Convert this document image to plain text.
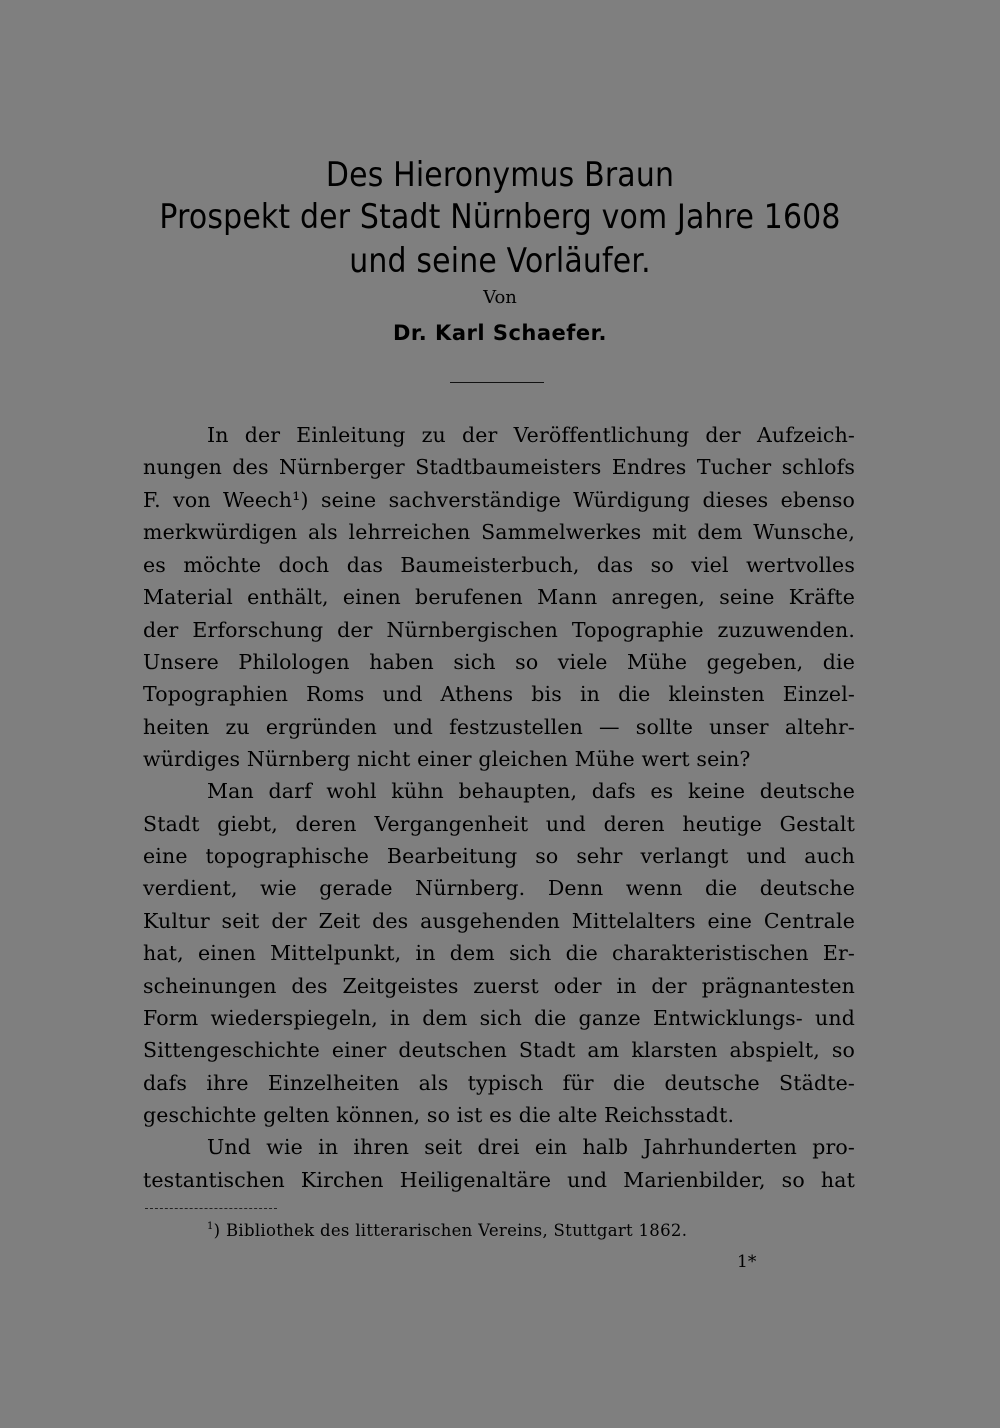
Des Hieronymus Braun
Prospekt der Stadt Nürnberg vom Jahre 1608
und seine Vorläufer.
Von
Dr. Karl Schaefer.
In der Einleitung zu der Veröffentlichung der Aufzeich-
nungen des Nürnberger Stadtbaumeisters Endres Tucher schlofs
F. von Weech¹) seine sachverständige Würdigung dieses ebenso
merkwürdigen als lehrreichen Sammelwerkes mit dem Wunsche,
es möchte doch das Baumeisterbuch, das so viel wertvolles
Material enthält, einen berufenen Mann anregen, seine Kräfte
der Erforschung der Nürnbergischen Topographie zuzuwenden.
Unsere Philologen haben sich so viele Mühe gegeben, die
Topographien Roms und Athens bis in die kleinsten Einzel-
heiten zu ergründen und festzustellen — sollte unser altehr-
würdiges Nürnberg nicht einer gleichen Mühe wert sein?
Man darf wohl kühn behaupten, dafs es keine deutsche
Stadt giebt, deren Vergangenheit und deren heutige Gestalt
eine topographische Bearbeitung so sehr verlangt und auch
verdient, wie gerade Nürnberg. Denn wenn die deutsche
Kultur seit der Zeit des ausgehenden Mittelalters eine Centrale
hat, einen Mittelpunkt, in dem sich die charakteristischen Er-
scheinungen des Zeitgeistes zuerst oder in der prägnantesten
Form wiederspiegeln, in dem sich die ganze Entwicklungs- und
Sittengeschichte einer deutschen Stadt am klarsten abspielt, so
dafs ihre Einzelheiten als typisch für die deutsche Städte-
geschichte gelten können, so ist es die alte Reichsstadt.
Und wie in ihren seit drei ein halb Jahrhunderten pro-
testantischen Kirchen Heiligenaltäre und Marienbilder, so hat
$^1$) Bibliothek des litterarischen Vereins, Stuttgart 1862.
1*
